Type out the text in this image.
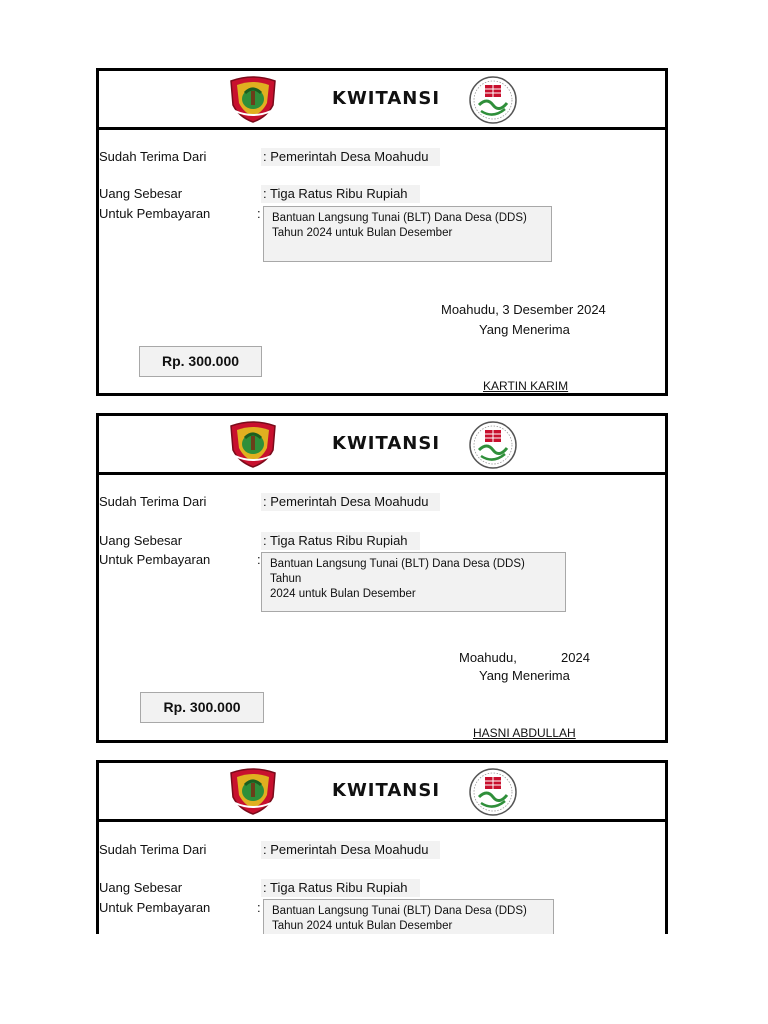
KWITANSI
Sudah Terima Dari	: Pemerintah Desa Moahudu
Uang Sebesar	: Tiga Ratus Ribu Rupiah
Untuk Pembayaran	: Bantuan Langsung Tunai (BLT) Dana Desa (DDS)
Tahun 2024 untuk Bulan Desember
Moahudu, 3 Desember 2024
Yang Menerima
Rp. 300.000
KARTIN KARIM
KWITANSI
Sudah Terima Dari	: Pemerintah Desa Moahudu
Uang Sebesar	: Tiga Ratus Ribu Rupiah
Untuk Pembayaran	: Bantuan Langsung Tunai (BLT) Dana Desa (DDS) Tahun
2024 untuk Bulan Desember
Moahudu,	2024
Yang Menerima
Rp. 300.000
HASNI ABDULLAH
KWITANSI
Sudah Terima Dari	: Pemerintah Desa Moahudu
Uang Sebesar	: Tiga Ratus Ribu Rupiah
Untuk Pembayaran	: Bantuan Langsung Tunai (BLT) Dana Desa (DDS)
Tahun 2024 untuk Bulan Desember
